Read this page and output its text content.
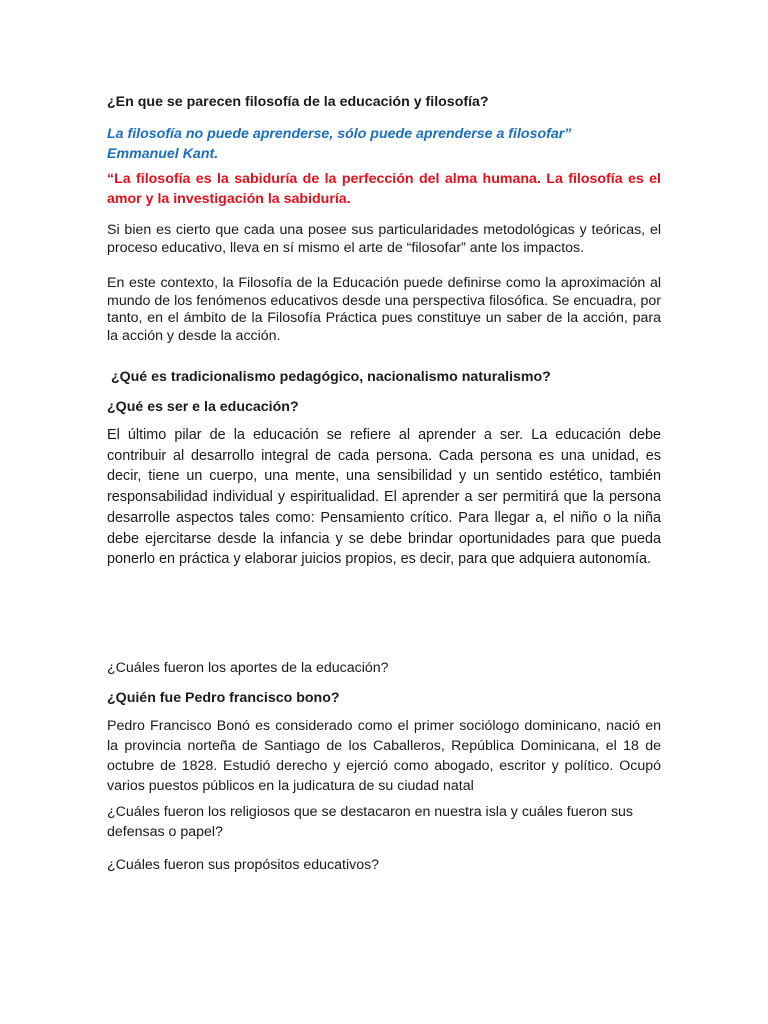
¿En que se parecen filosofía de la educación y filosofía?

La filosofía no puede aprenderse, sólo puede aprenderse a filosofar”
Emmanuel Kant.

“La filosofía es la sabiduría de la perfección del alma humana. La filosofía es el amor y la investigación la sabiduría.

Si bien es cierto que cada una posee sus particularidades metodológicas y teóricas, el proceso educativo, lleva en sí mismo el arte de “filosofar” ante los impactos.

En este contexto, la Filosofía de la Educación puede definirse como la aproximación al mundo de los fenómenos educativos desde una perspectiva filosófica. Se encuadra, por tanto, en el ámbito de la Filosofía Práctica pues constituye un saber de la acción, para la acción y desde la acción.

¿Qué es tradicionalismo pedagógico, nacionalismo naturalismo?

¿Qué es ser e la educación?

El último pilar de la educación se refiere al aprender a ser. La educación debe contribuir al desarrollo integral de cada persona. Cada persona es una unidad, es decir, tiene un cuerpo, una mente, una sensibilidad y un sentido estético, también responsabilidad individual y espiritualidad. El aprender a ser permitirá que la persona desarrolle aspectos tales como: Pensamiento crítico. Para llegar a, el niño o la niña debe ejercitarse desde la infancia y se debe brindar oportunidades para que pueda ponerlo en práctica y elaborar juicios propios, es decir, para que adquiera autonomía.

¿Cuáles fueron los aportes de la educación?

¿Quién fue Pedro francisco bono?

Pedro Francisco Bonó es considerado como el primer sociólogo dominicano, nació en la provincia norteña de Santiago de los Caballeros, República Dominicana, el 18 de octubre de 1828. Estudió derecho y ejerció como abogado, escritor y político. Ocupó varios puestos públicos en la judicatura de su ciudad natal

¿Cuáles fueron los religiosos que se destacaron en nuestra isla y cuáles fueron sus defensas o papel?

¿Cuáles fueron sus propósitos educativos?
